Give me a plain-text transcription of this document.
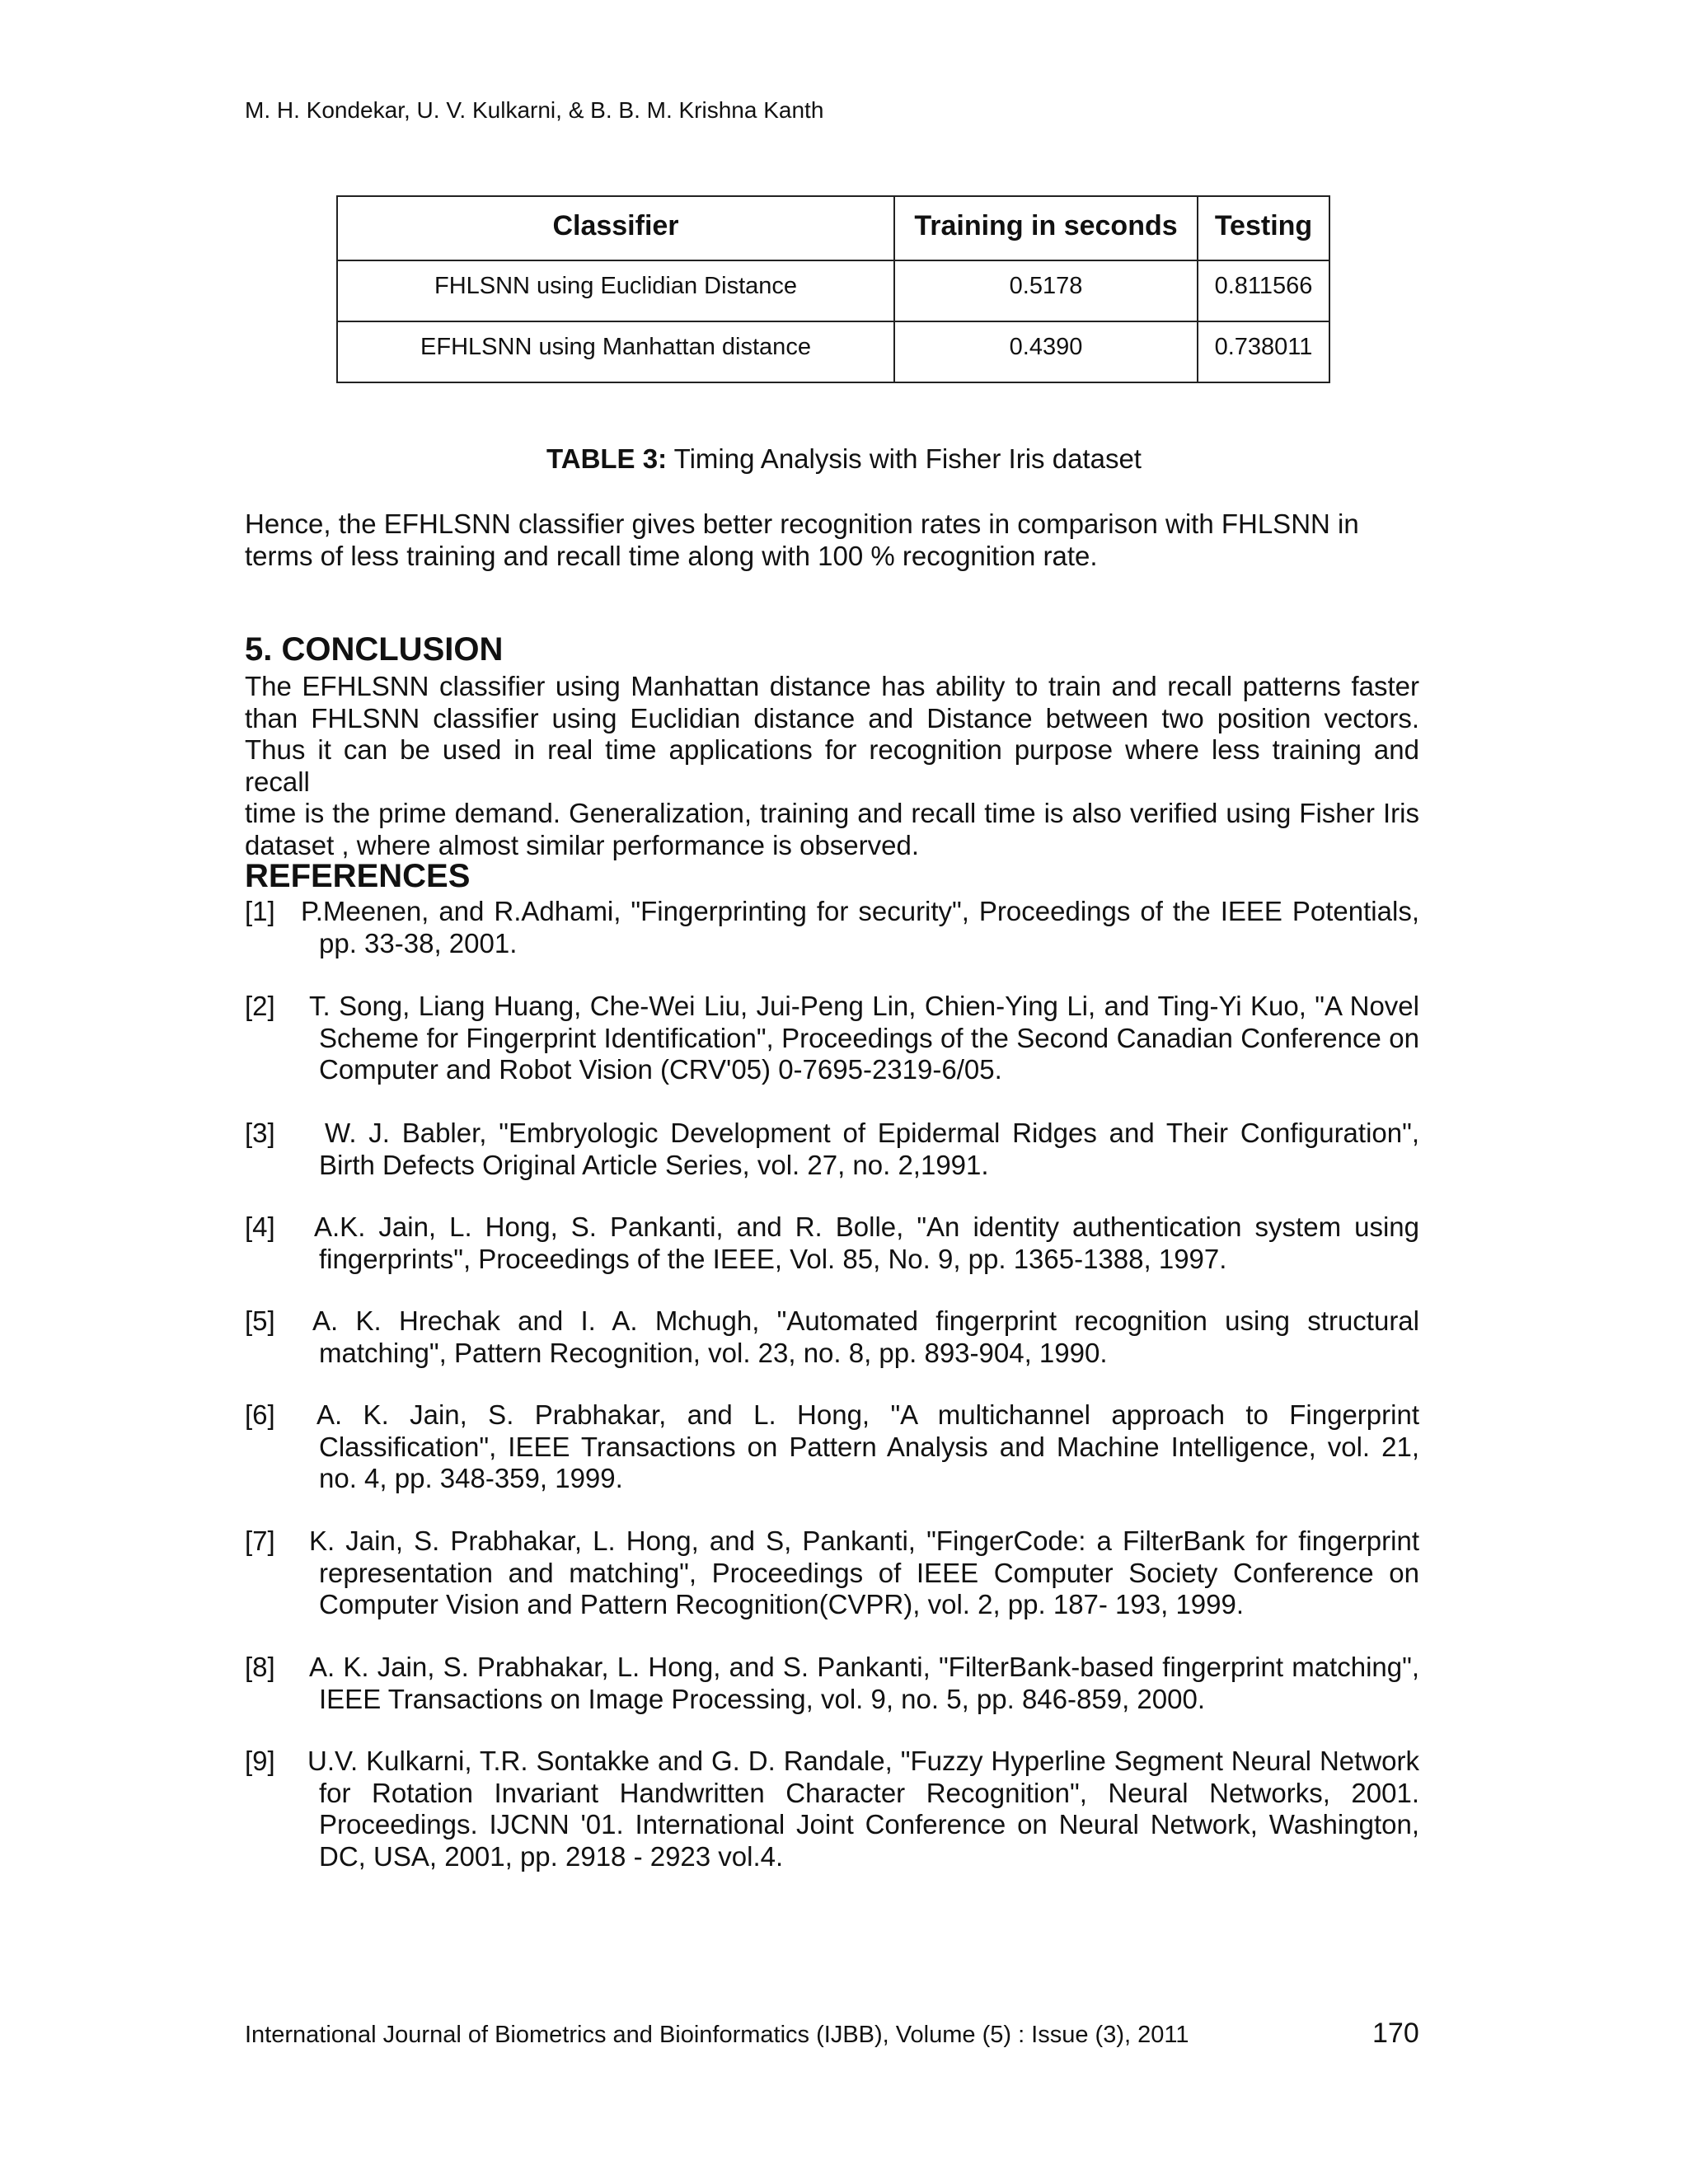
M. H. Kondekar, U. V. Kulkarni, & B. B. M. Krishna Kanth
Classifier	Training in seconds	Testing
FHLSNN using Euclidian Distance	0.5178	0.811566
EFHLSNN using Manhattan distance	0.4390	0.738011
TABLE 3: Timing Analysis with Fisher Iris dataset
Hence, the EFHLSNN classifier gives better recognition rates in comparison with FHLSNN in
terms of less training and recall time along with 100 % recognition rate.
5. CONCLUSION
The EFHLSNN classifier using Manhattan distance has ability to train and recall patterns faster
than FHLSNN classifier using Euclidian distance and Distance between two position vectors.
Thus it can be used in real time applications for recognition purpose where less training and recall
time is the prime demand. Generalization, training and recall time is also verified using Fisher Iris
dataset , where almost similar performance is observed.
REFERENCES
[1] P.Meenen, and R.Adhami, "Fingerprinting for security", Proceedings of the IEEE Potentials,
pp. 33-38, 2001.
[2] T. Song, Liang Huang, Che-Wei Liu, Jui-Peng Lin, Chien-Ying Li, and Ting-Yi Kuo, "A Novel
Scheme for Fingerprint Identification", Proceedings of the Second Canadian Conference on
Computer and Robot Vision (CRV'05) 0-7695-2319-6/05.
[3] W. J. Babler, "Embryologic Development of Epidermal Ridges and Their Configuration",
Birth Defects Original Article Series, vol. 27, no. 2,1991.
[4] A.K. Jain, L. Hong, S. Pankanti, and R. Bolle, "An identity authentication system using
fingerprints", Proceedings of the IEEE, Vol. 85, No. 9, pp. 1365-1388, 1997.
[5] A. K. Hrechak and I. A. Mchugh, "Automated fingerprint recognition using structural
matching", Pattern Recognition, vol. 23, no. 8, pp. 893-904, 1990.
[6] A. K. Jain, S. Prabhakar, and L. Hong, "A multichannel approach to Fingerprint
Classification", IEEE Transactions on Pattern Analysis and Machine Intelligence, vol. 21,
no. 4, pp. 348-359, 1999.
[7] K. Jain, S. Prabhakar, L. Hong, and S, Pankanti, "FingerCode: a FilterBank for fingerprint
representation and matching", Proceedings of IEEE Computer Society Conference on
Computer Vision and Pattern Recognition(CVPR), vol. 2, pp. 187- 193, 1999.
[8] A. K. Jain, S. Prabhakar, L. Hong, and S. Pankanti, "FilterBank-based fingerprint matching",
IEEE Transactions on Image Processing, vol. 9, no. 5, pp. 846-859, 2000.
[9] U.V. Kulkarni, T.R. Sontakke and G. D. Randale, "Fuzzy Hyperline Segment Neural Network
for Rotation Invariant Handwritten Character Recognition", Neural Networks, 2001.
Proceedings. IJCNN '01. International Joint Conference on Neural Network, Washington,
DC, USA, 2001, pp. 2918 - 2923 vol.4.
International Journal of Biometrics and Bioinformatics (IJBB), Volume (5) : Issue (3), 2011	170
